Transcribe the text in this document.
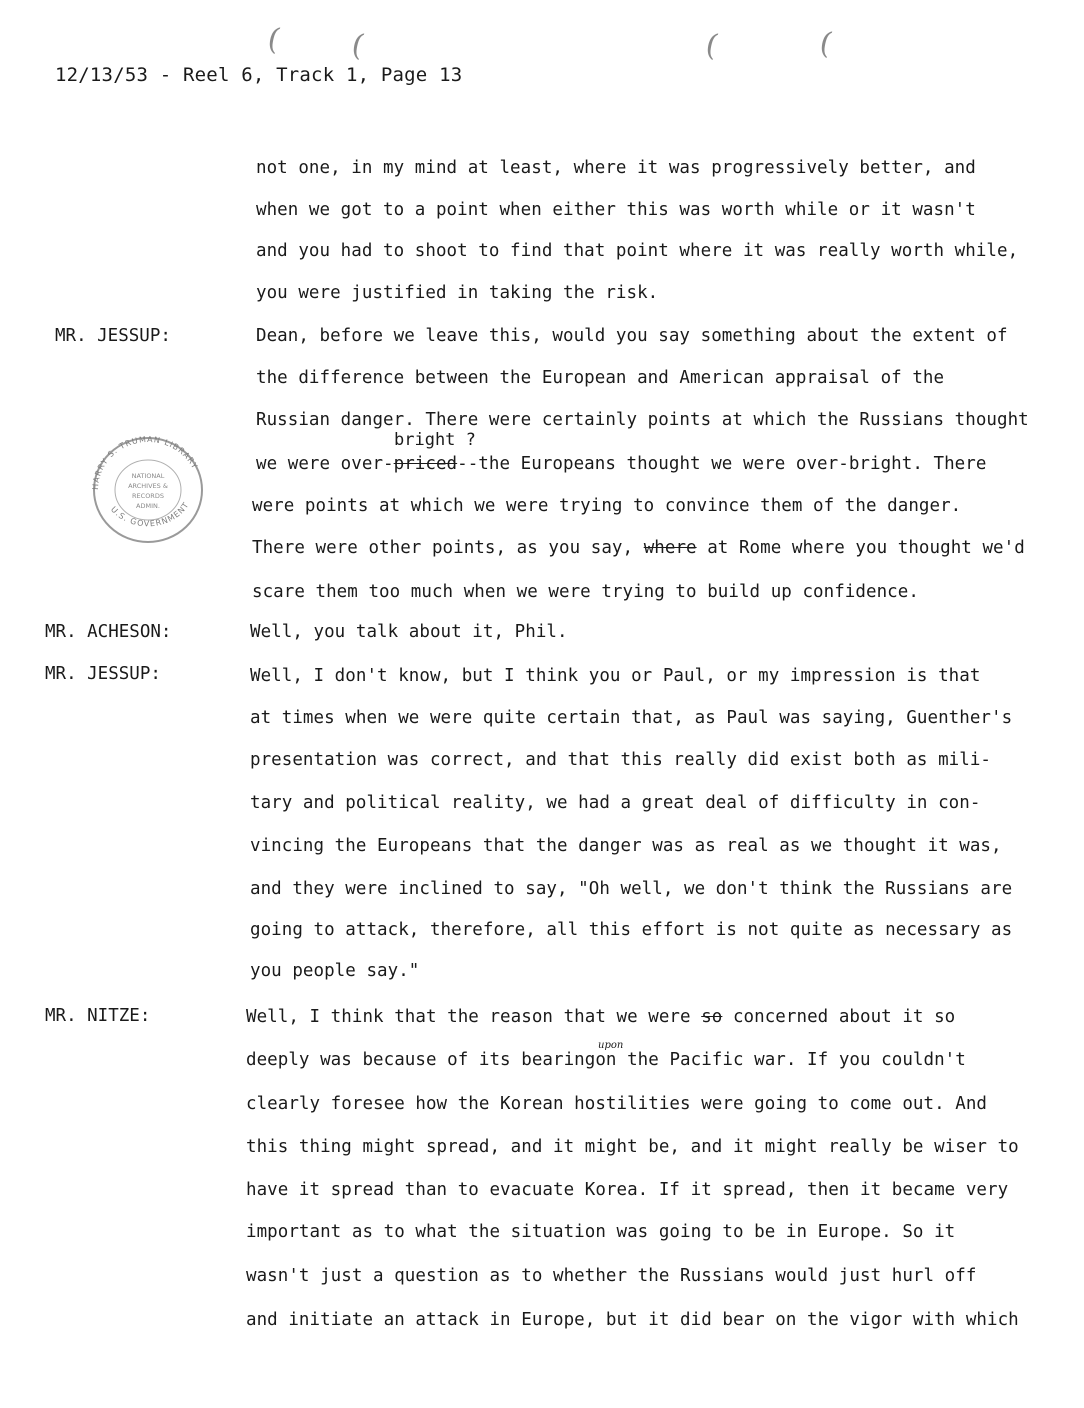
( (	(	(
12/13/53 - Reel 6, Track 1, Page 13
HARRY S. TRUMAN LIBRARY
U.S. GOVERNMENT
NATIONAL
ARCHIVES &
RECORDS
ADMIN.
not one, in my mind at least, where it was progressively better, and
when we got to a point when either this was worth while or it wasn't
and you had to shoot to find that point where it was really worth while,
you were justified in taking the risk.
MR. JESSUP:	Dean, before we leave this, would you say something about the extent of
the difference between the European and American appraisal of the
Russian danger. There were certainly points at which the Russians thought
bright ?
we were over-priced--the Europeans thought we were over-bright. There
were points at which we were trying to convince them of the danger.
There were other points, as you say, where at Rome where you thought we'd
scare them too much when we were trying to build up confidence.
MR. ACHESON:	Well, you talk about it, Phil.
MR. JESSUP:	Well, I don't know, but I think you or Paul, or my impression is that
at times when we were quite certain that, as Paul was saying, Guenther's
presentation was correct, and that this really did exist both as mili-
tary and political reality, we had a great deal of difficulty in con-
vincing the Europeans that the danger was as real as we thought it was,
and they were inclined to say, "Oh well, we don't think the Russians are
going to attack, therefore, all this effort is not quite as necessary as
you people say."
MR. NITZE:	Well, I think that the reason that we were so concerned about it so
upon
deeply was because of its bearingon the Pacific war. If you couldn't
clearly foresee how the Korean hostilities were going to come out. And
this thing might spread, and it might be, and it might really be wiser to
have it spread than to evacuate Korea. If it spread, then it became very
important as to what the situation was going to be in Europe. So it
wasn't just a question as to whether the Russians would just hurl off
and initiate an attack in Europe, but it did bear on the vigor with which
